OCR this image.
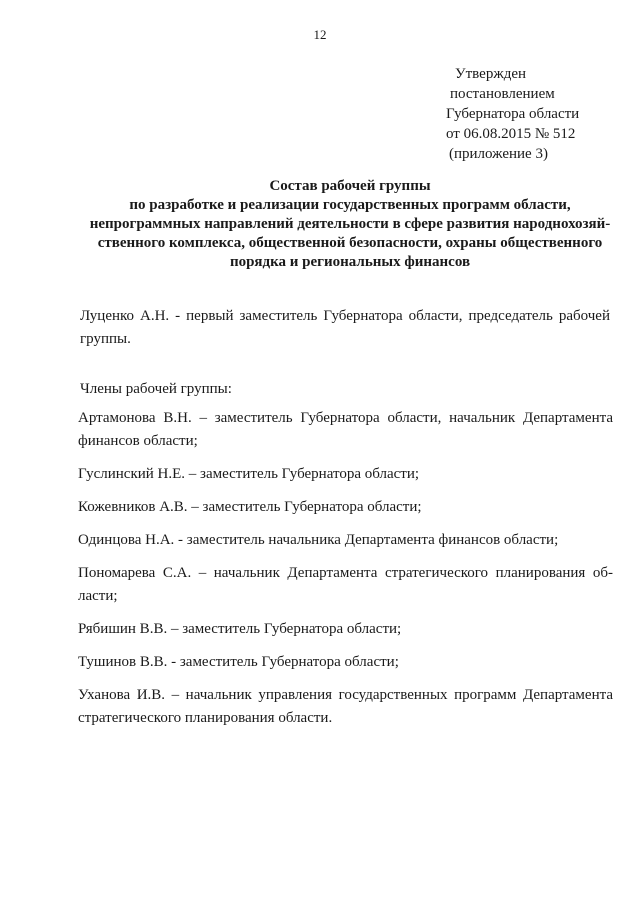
12
Утвержден
постановлением
Губернатора области
от 06.08.2015 № 512
(приложение 3)
Состав рабочей группы
по разработке и реализации государственных программ области,
непрограммных направлений деятельности в сфере развития народнохозяй-
ственного комплекса, общественной безопасности, охраны общественного
порядка и региональных финансов
Луценко А.Н. - первый заместитель Губернатора области, председатель рабочей
группы.
Члены рабочей группы:
Артамонова В.Н. – заместитель Губернатора области, начальник Департамента
финансов области;
Гуслинский Н.Е. – заместитель Губернатора области;
Кожевников А.В. – заместитель Губернатора области;
Одинцова Н.А. - заместитель начальника Департамента финансов области;
Пономарева С.А. – начальник Департамента стратегического планирования об-
ласти;
Рябишин В.В. – заместитель Губернатора области;
Тушинов В.В. - заместитель Губернатора области;
Уханова И.В. – начальник управления государственных программ Департамента
стратегического планирования области.
